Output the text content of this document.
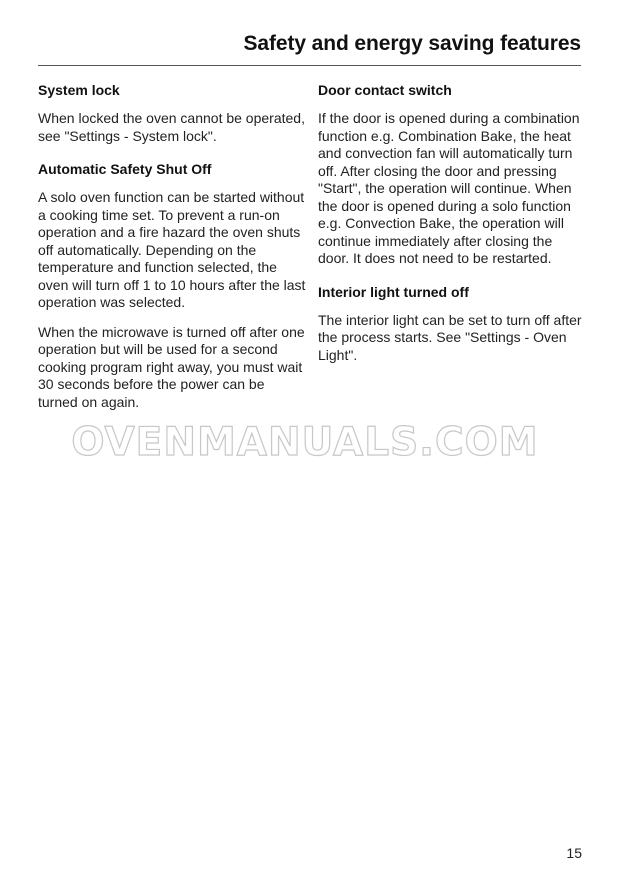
Safety and energy saving features
System lock

When locked the oven cannot be operated, see "Settings - System lock".

Automatic Safety Shut Off

A solo oven function can be started without a cooking time set. To prevent a run-on operation and a fire hazard the oven shuts off automatically. Depending on the temperature and function selected, the oven will turn off 1 to 10 hours after the last operation was selected.

When the microwave is turned off after one operation but will be used for a second cooking program right away, you must wait 30 seconds before the power can be turned on again.

Door contact switch

If the door is opened during a combination function e.g. Combination Bake, the heat and convection fan will automatically turn off. After closing the door and pressing "Start", the operation will continue. When the door is opened during a solo function e.g. Convection Bake, the operation will continue immediately after closing the door. It does not need to be restarted.

Interior light turned off

The interior light can be set to turn off after the process starts. See "Settings - Oven Light".

OVENMANUALS.COM
15
